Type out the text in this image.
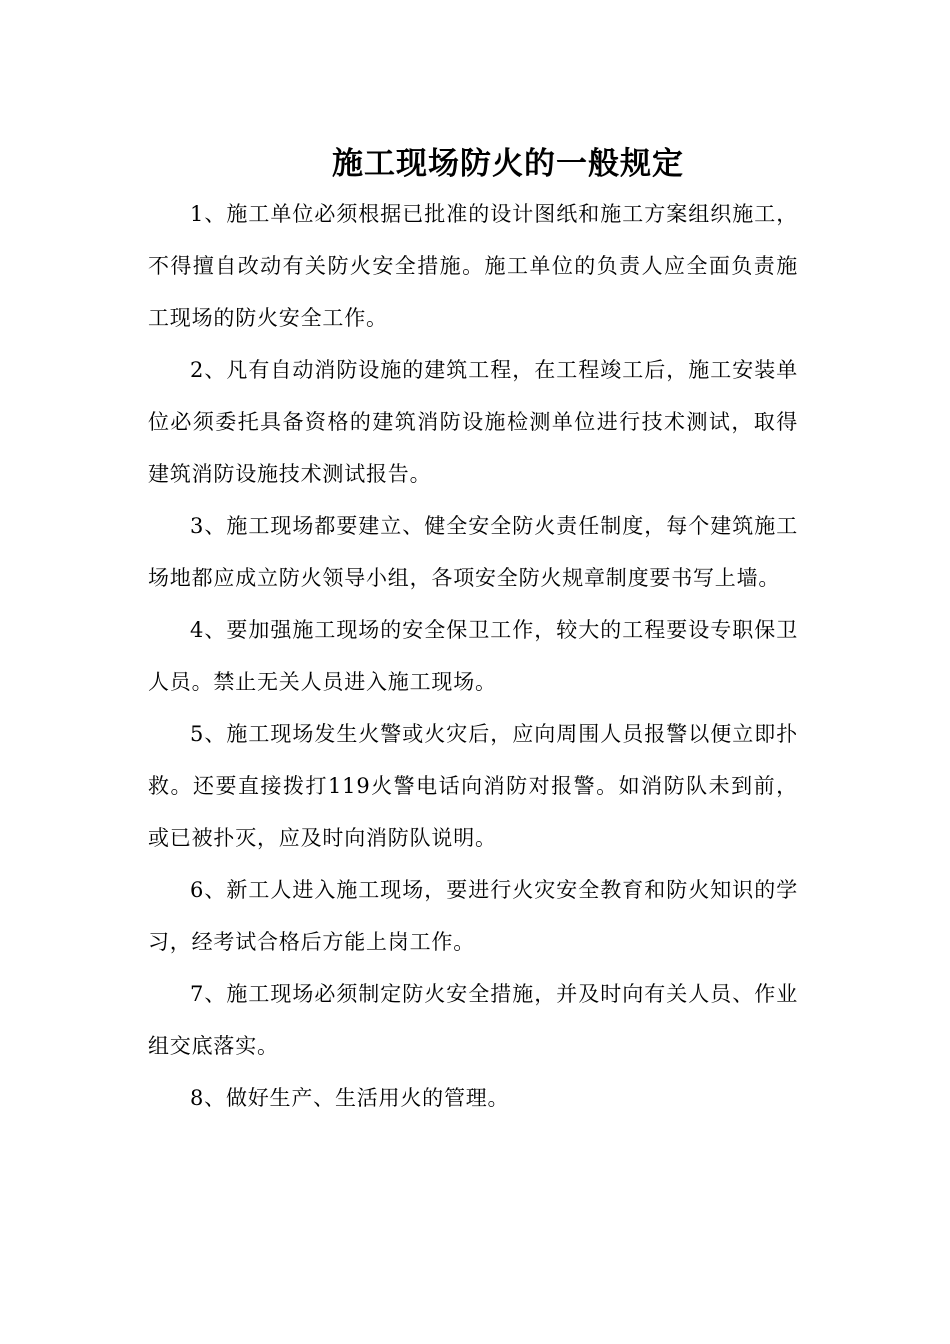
施工现场防火的一般规定

1、施工单位必须根据已批准的设计图纸和施工方案组织施工，不得擅自改动有关防火安全措施。施工单位的负责人应全面负责施工现场的防火安全工作。

2、凡有自动消防设施的建筑工程，在工程竣工后，施工安装单位必须委托具备资格的建筑消防设施检测单位进行技术测试，取得建筑消防设施技术测试报告。

3、施工现场都要建立、健全安全防火责任制度，每个建筑施工场地都应成立防火领导小组，各项安全防火规章制度要书写上墙。

4、要加强施工现场的安全保卫工作，较大的工程要设专职保卫人员。禁止无关人员进入施工现场。

5、施工现场发生火警或火灾后，应向周围人员报警以便立即扑救。还要直接拨打119火警电话向消防对报警。如消防队未到前，或已被扑灭，应及时向消防队说明。

6、新工人进入施工现场，要进行火灾安全教育和防火知识的学习，经考试合格后方能上岗工作。

7、施工现场必须制定防火安全措施，并及时向有关人员、作业组交底落实。

8、做好生产、生活用火的管理。
